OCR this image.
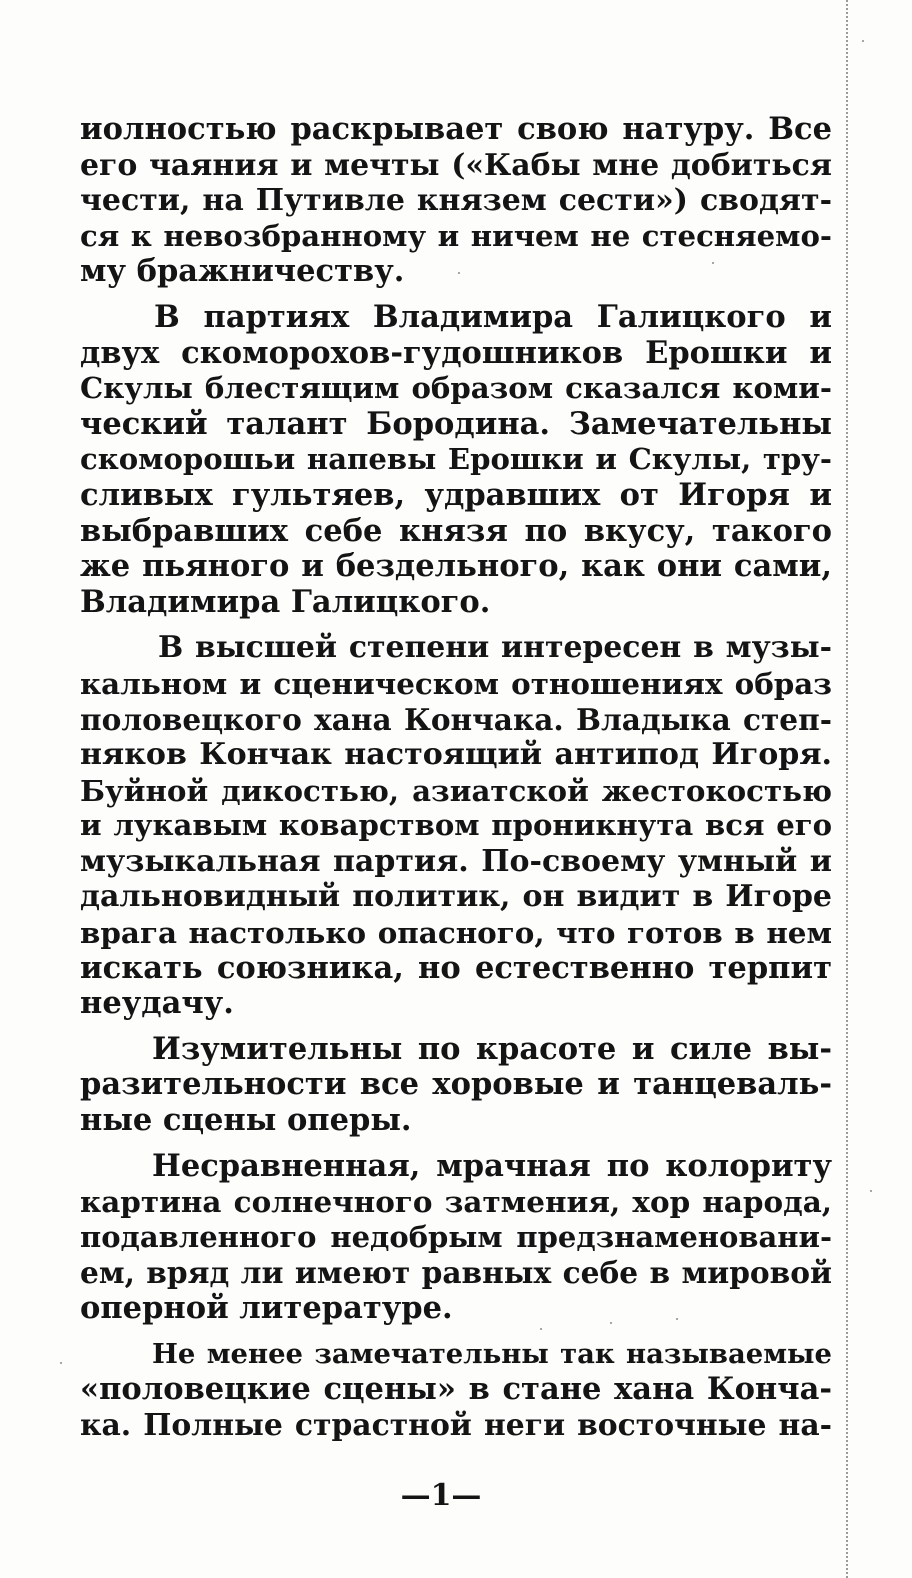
иолностью раскрывает свою натуру. Все
его чаяния и мечты («Кабы мне добиться
чести, на Путивле князем сести») сводят-
ся к невозбранному и ничем не стесняемо-
му бражничеству.
В партиях Владимира Галицкого и
двух скоморохов-гудошников Ерошки и
Скулы блестящим образом сказался коми-
ческий талант Бородина. Замечательны
скоморошьи напевы Ерошки и Скулы, тру-
сливых гультяев, удравших от Игоря и
выбравших себе князя по вкусу, такого
же пьяного и бездельного, как они сами,
Владимира Галицкого.
В высшей степени интересен в музы-
кальном и сценическом отношениях образ
половецкого хана Кончака. Владыка степ-
няков Кончак настоящий антипод Игоря.
Буйной дикостью, азиатской жестокостью
и лукавым коварством проникнута вся его
музыкальная партия. По-своему умный и
дальновидный политик, он видит в Игоре
врага настолько опасного, что готов в нем
искать союзника, но естественно терпит
неудачу.
Изумительны по красоте и силе вы-
разительности все хоровые и танцеваль-
ные сцены оперы.
Несравненная, мрачная по колориту
картина солнечного затмения, хор народа,
подавленного недобрым предзнаменовани-
ем, вряд ли имеют равных себе в мировой
оперной литературе.
Не менее замечательны так называемые
«половецкие сцены» в стане хана Конча-
ка. Полные страстной неги восточные на-
—1—
